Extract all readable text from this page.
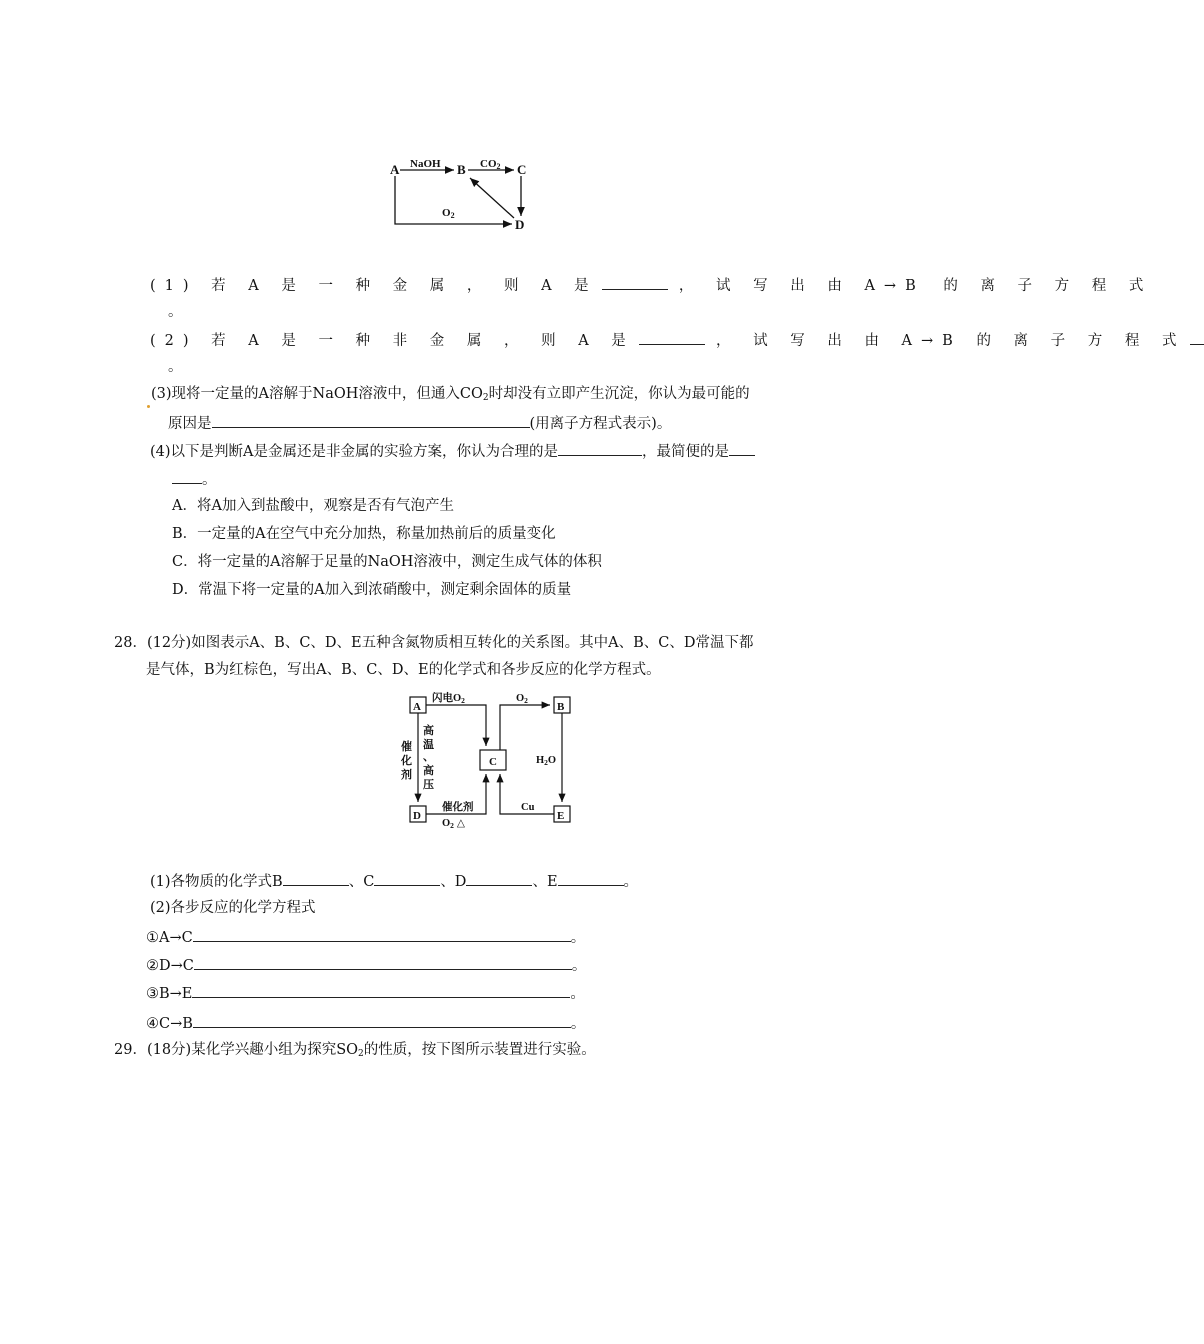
A	B	C
D
NaOH	CO2
O2
(1) 若 A 是 一 种 金 属 ， 则 A 是	， 试 写 出 由 A→B 的 离 子 方 程 式
。
(2) 若 A 是 一 种 非 金 属 ， 则 A 是	， 试 写 出 由 A→B 的 离 子 方 程 式
。
(3)现将一定量的A溶解于NaOH溶液中，但通入$CO_2$时却没有立即产生沉淀，你认为最可能的
原因是	(用离子方程式表示)。
(4)以下是判断A是金属还是非金属的实验方案，你认为合理的是	，最简便的是
。
A．将A加入到盐酸中，观察是否有气泡产生
B．一定量的A在空气中充分加热，称量加热前后的质量变化
C．将一定量的A溶解于足量的NaOH溶液中，测定生成气体的体积
D．常温下将一定量的A加入到浓硝酸中，测定剩余固体的质量
28．(12分)如图表示A、B、C、D、E五种含氮物质相互转化的关系图。其中A、B、C、D常温下都
是气体，B为红棕色，写出A、B、C、D、E的化学式和各步反应的化学方程式。
A	B
C
D	E
闪电O2	O2
H2O
Cu
催
化
剂
高
温
、
高
压
催化剂
O2 △
(1)各物质的化学式B	、C	、D	、E	。
(2)各步反应的化学方程式
①A→C	。
②D→C	。
③B→E	。
④C→B	。
29．(18分)某化学兴趣小组为探究$SO_2$的性质，按下图所示装置进行实验。
